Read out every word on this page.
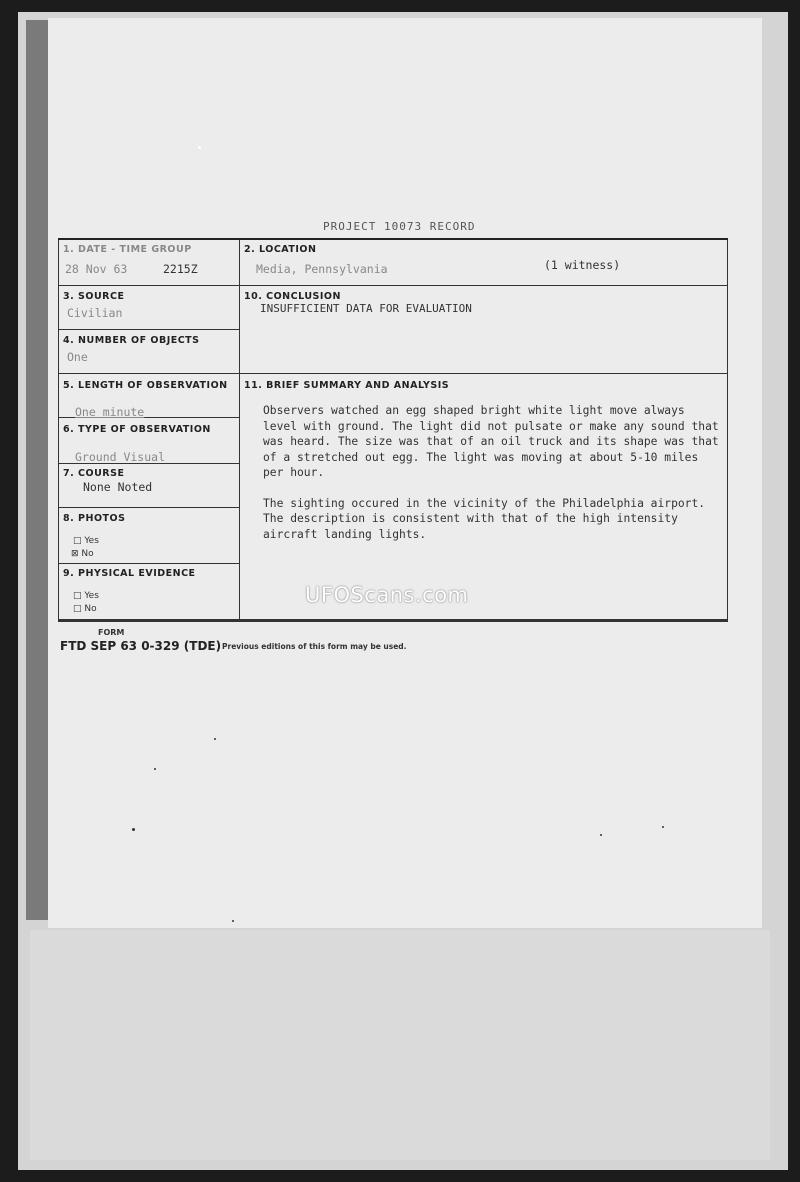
PROJECT 10073 RECORD
1. DATE - TIME GROUP
28 Nov 63	2215Z
2. LOCATION
Media, Pennsylvania	(1 witness)
3. SOURCE
Civilian
10. CONCLUSION
INSUFFICIENT DATA FOR EVALUATION
4. NUMBER OF OBJECTS
One
5. LENGTH OF OBSERVATION
One minute
11. BRIEF SUMMARY AND ANALYSIS
6. TYPE OF OBSERVATION
Ground Visual
7. COURSE
None Noted
8. PHOTOS
□ Yes
⊠ No
9. PHYSICAL EVIDENCE
□ Yes
□ No

Observers watched an egg shaped bright white light move always level with ground. The light did not pulsate or make any sound that was heard. The size was that of an oil truck and its shape was that of a stretched out egg. The light was moving at about 5-10 miles per hour.

The sighting occured in the vicinity of the Philadelphia airport. The description is consistent with that of the high intensity aircraft landing lights.

FORM
FTD SEP 63 0-329 (TDE) Previous editions of this form may be used.
UFOScans.com
